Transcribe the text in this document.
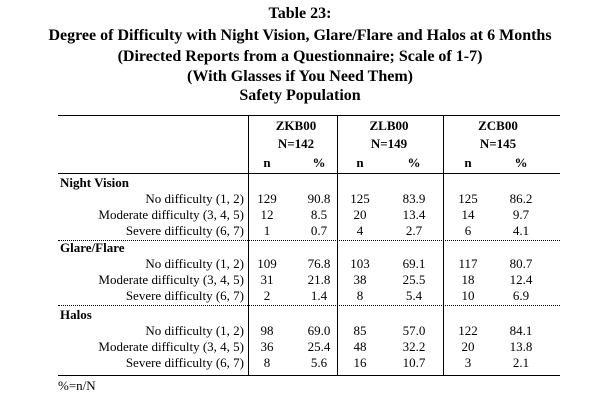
Table 23:
Degree of Difficulty with Night Vision, Glare/Flare and Halos at 6 Months
(Directed Reports from a Questionnaire; Scale of 1-7)
(With Glasses if You Need Them)
Safety Population
ZKB00
N=142
n	%
ZLB00
N=149
n	%
ZCB00
N=145
n	%
Night Vision
No difficulty (1, 2)	129	90.8	125	83.9	125	86.2
Moderate difficulty (3, 4, 5)	12	8.5	20	13.4	14	9.7
Severe difficulty (6, 7)	1	0.7	4	2.7	6	4.1
Glare/Flare
No difficulty (1, 2)	109	76.8	103	69.1	117	80.7
Moderate difficulty (3, 4, 5)	31	21.8	38	25.5	18	12.4
Severe difficulty (6, 7)	2	1.4	8	5.4	10	6.9
Halos
No difficulty (1, 2)	98	69.0	85	57.0	122	84.1
Moderate difficulty (3, 4, 5)	36	25.4	48	32.2	20	13.8
Severe difficulty (6, 7)	8	5.6	16	10.7	3	2.1
%=n/N
